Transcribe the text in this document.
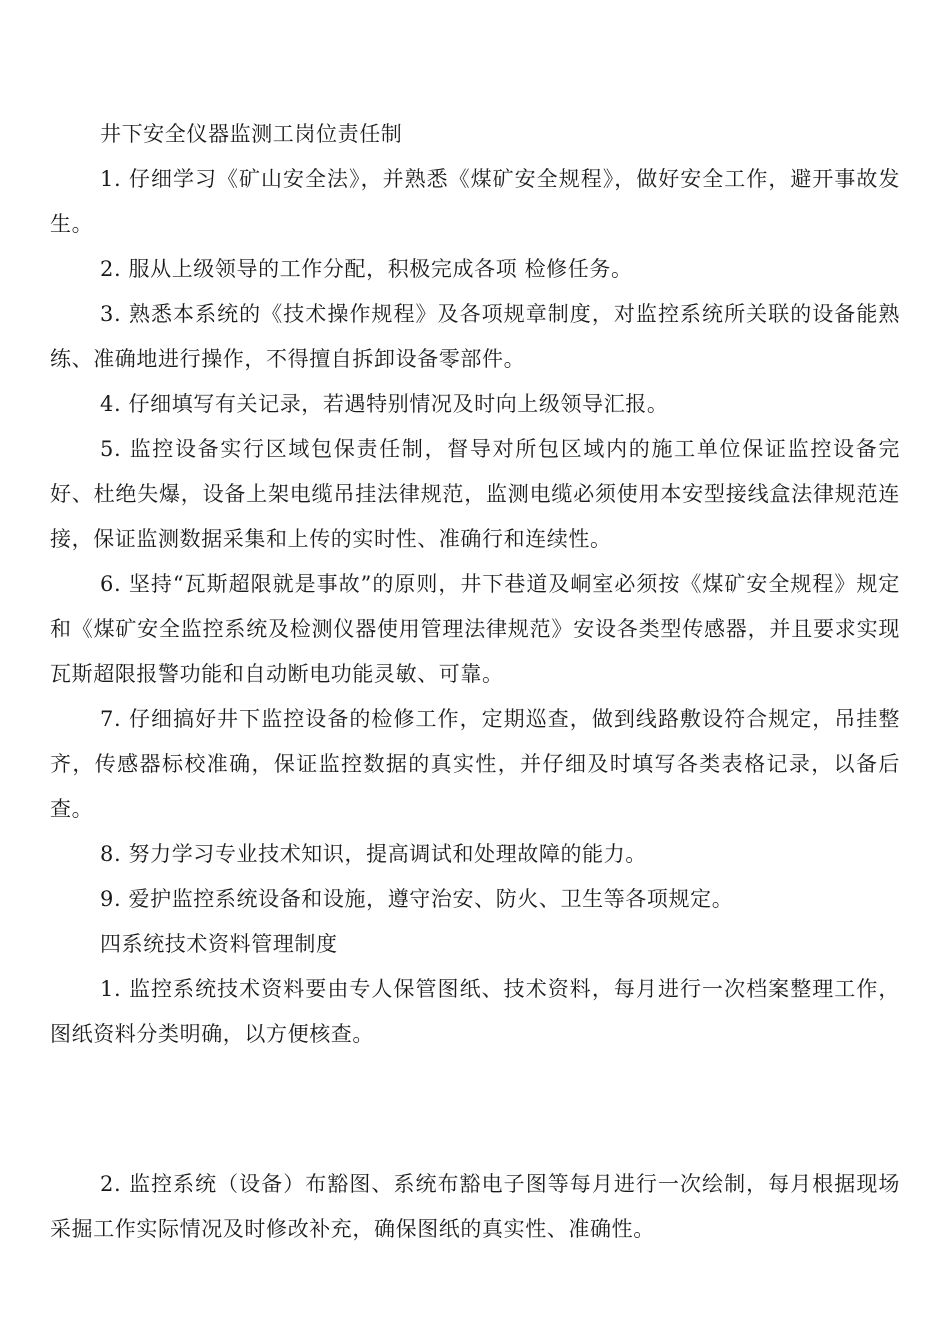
井下安全仪器监测工岗位责任制

1. 仔细学习《矿山安全法》，并熟悉《煤矿安全规程》，做好安全工作，避开事故发生。

2. 服从上级领导的工作分配，积极完成各项 检修任务。

3. 熟悉本系统的《技术操作规程》及各项规章制度，对监控系统所关联的设备能熟练、准确地进行操作，不得擅自拆卸设备零部件。

4. 仔细填写有关记录，若遇特别情况及时向上级领导汇报。

5. 监控设备实行区域包保责任制，督导对所包区域内的施工单位保证监控设备完好、杜绝失爆，设备上架电缆吊挂法律规范，监测电缆必须使用本安型接线盒法律规范连接，保证监测数据采集和上传的实时性、准确行和连续性。

6. 坚持“瓦斯超限就是事故”的原则，井下巷道及峒室必须按《煤矿安全规程》规定和《煤矿安全监控系统及检测仪器使用管理法律规范》安设各类型传感器，并且要求实现瓦斯超限报警功能和自动断电功能灵敏、可靠。

7. 仔细搞好井下监控设备的检修工作，定期巡查，做到线路敷设符合规定，吊挂整齐，传感器标校准确，保证监控数据的真实性，并仔细及时填写各类表格记录，以备后查。

8. 努力学习专业技术知识，提高调试和处理故障的能力。

9. 爱护监控系统设备和设施，遵守治安、防火、卫生等各项规定。

四系统技术资料管理制度

1. 监控系统技术资料要由专人保管图纸、技术资料，每月进行一次档案整理工作，图纸资料分类明确，以方便核查。

2. 监控系统（设备）布豁图、系统布豁电子图等每月进行一次绘制，每月根据现场采掘工作实际情况及时修改补充，确保图纸的真实性、准确性。
